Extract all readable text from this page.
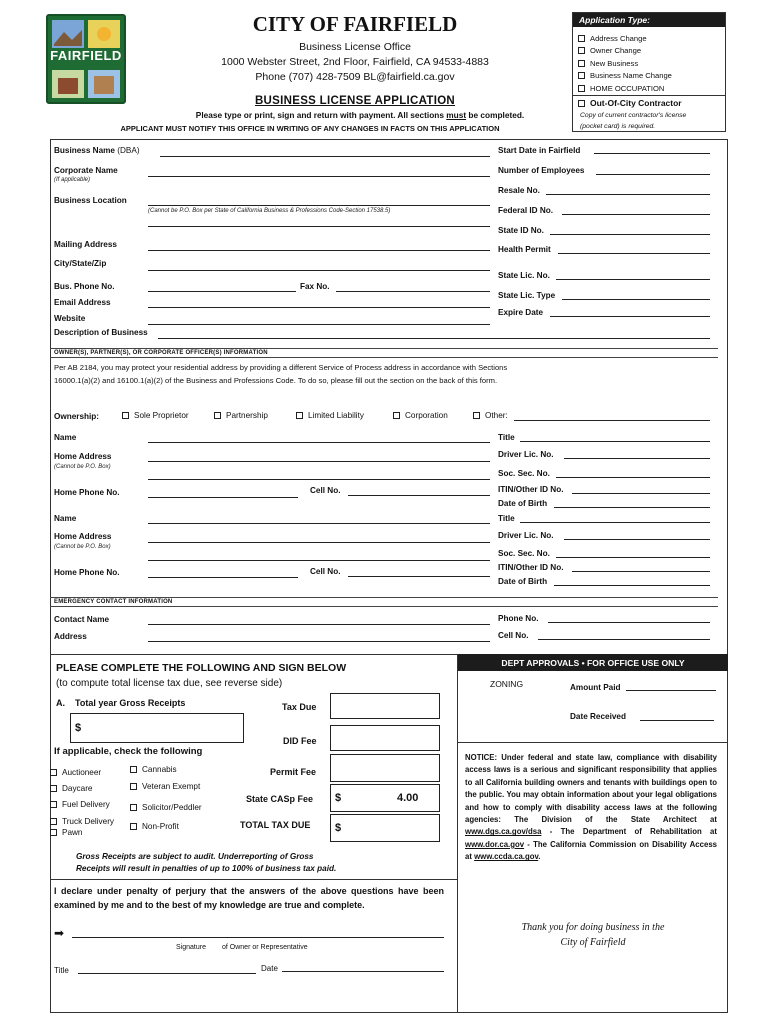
FAIRFIELD
CITY OF FAIRFIELD
Business License Office
1000 Webster Street, 2nd Floor, Fairfield, CA 94533-4883
Phone (707) 428-7509 BL@fairfield.ca.gov
BUSINESS LICENSE APPLICATION
Please type or print, sign and return with payment. All sections must be completed.
APPLICANT MUST NOTIFY THIS OFFICE IN WRITING OF ANY CHANGES IN FACTS ON THIS APPLICATION
Application Type:
Address Change
Owner Change
New Business
Business Name Change
HOME OCCUPATION
Out-Of-City Contractor
Copy of current contractor's license
(pocket card) is required.
Business Name (DBA)
Corporate Name
(If applicable)
Business Location
(Cannot be P.O. Box per State of California Business & Professions Code-Section 17538.5)
Mailing Address
City/State/Zip
Bus. Phone No.	Fax No.
Email Address
Website
Description of Business
Start Date in Fairfield
Number of Employees
Resale No.
Federal ID No.
State ID No.
Health Permit
State Lic. No.
State Lic. Type
Expire Date
OWNER(S), PARTNER(S), OR CORPORATE OFFICER(S) INFORMATION
Per AB 2184, you may protect your residential address by providing a different Service of Process address in accordance with Sections
16000.1(a)(2) and 16100.1(a)(2) of the Business and Professions Code. To do so, please fill out the section on the back of this form.
Ownership:	Sole Proprietor	Partnership	Limited Liability	Corporation	Other:
Name
Home Address
(Cannot be P.O. Box)
Home Phone No.	Cell No.
Title
Driver Lic. No.
Soc. Sec. No.
ITIN/Other ID No.
Date of Birth
Name
Home Address
(Cannot be P.O. Box)
Home Phone No.	Cell No.
Title
Driver Lic. No.
Soc. Sec. No.
ITIN/Other ID No.
Date of Birth
EMERGENCY CONTACT INFORMATION
Contact Name
Address
Phone No.
Cell No.
PLEASE COMPLETE THE FOLLOWING AND SIGN BELOW
(to compute total license tax due, see reverse side)
A. Total year Gross Receipts
$
Tax Due
DID Fee
If applicable, check the following
Auctioneer
Daycare
Fuel Delivery
Truck Delivery
Pawn
Cannabis
Veteran Exempt
Solicitor/Peddler
Non-Profit
Permit Fee
State CASp Fee	$	4.00
TOTAL TAX DUE	$
Gross Receipts are subject to audit. Underreporting of Gross
Receipts will result in penalties of up to 100% of business tax paid.
I declare under penalty of perjury that the answers of the above questions have been examined by me and to the best of my knowledge are true and complete.
➡
Signature of Owner or Representative
Title	Date
DEPT APPROVALS • FOR OFFICE USE ONLY
ZONING	Amount Paid
Date Received
NOTICE: Under federal and state law, compliance with disability access laws is a serious and significant responsibility that applies to all California building owners and tenants with buildings open to the public. You may obtain information about your legal obligations and how to comply with disability access laws at the following agencies: The Division of the State Architect at www.dgs.ca.gov/dsa - The Department of Rehabilitation at www.dor.ca.gov - The California Commission on Disability Access at www.ccda.ca.gov.
Thank you for doing business in the
City of Fairfield
